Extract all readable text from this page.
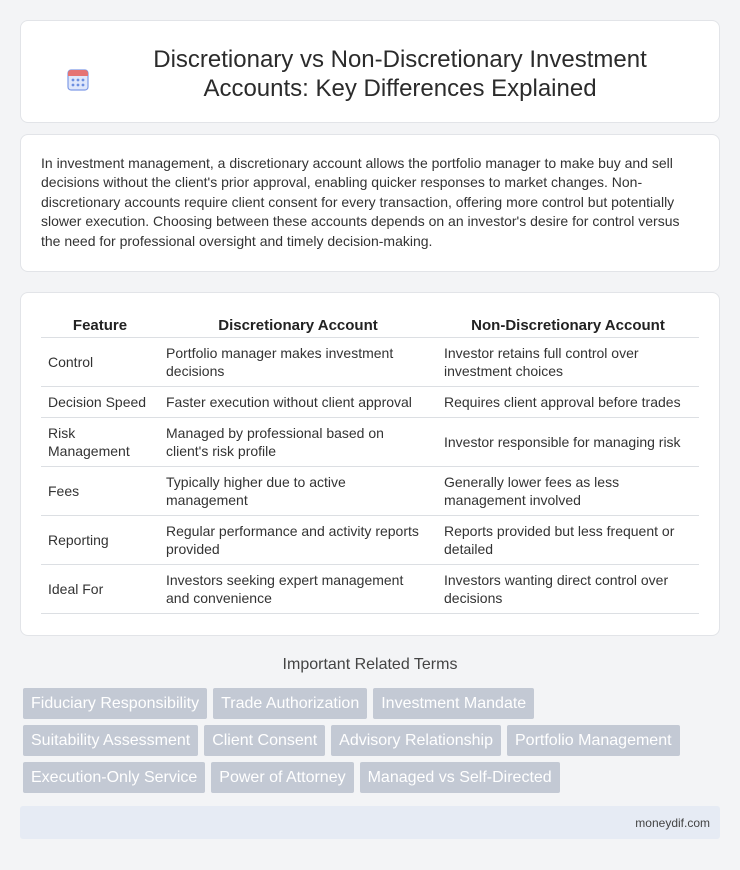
Discretionary vs Non-Discretionary Investment Accounts: Key Differences Explained

In investment management, a discretionary account allows the portfolio manager to make buy and sell decisions without the client's prior approval, enabling quicker responses to market changes. Non-discretionary accounts require client consent for every transaction, offering more control but potentially slower execution. Choosing between these accounts depends on an investor's desire for control versus the need for professional oversight and timely decision-making.

Feature	Discretionary Account	Non-Discretionary Account
Control	Portfolio manager makes investment decisions	Investor retains full control over investment choices
Decision Speed	Faster execution without client approval	Requires client approval before trades
Risk Management	Managed by professional based on client's risk profile	Investor responsible for managing risk
Fees	Typically higher due to active management	Generally lower fees as less management involved
Reporting	Regular performance and activity reports provided	Reports provided but less frequent or detailed
Ideal For	Investors seeking expert management and convenience	Investors wanting direct control over decisions
Important Related Terms
Fiduciary Responsibility	Trade Authorization	Investment Mandate
Suitability Assessment	Client Consent	Advisory Relationship	Portfolio Management
Execution-Only Service	Power of Attorney	Managed vs Self-Directed
moneydif.com
